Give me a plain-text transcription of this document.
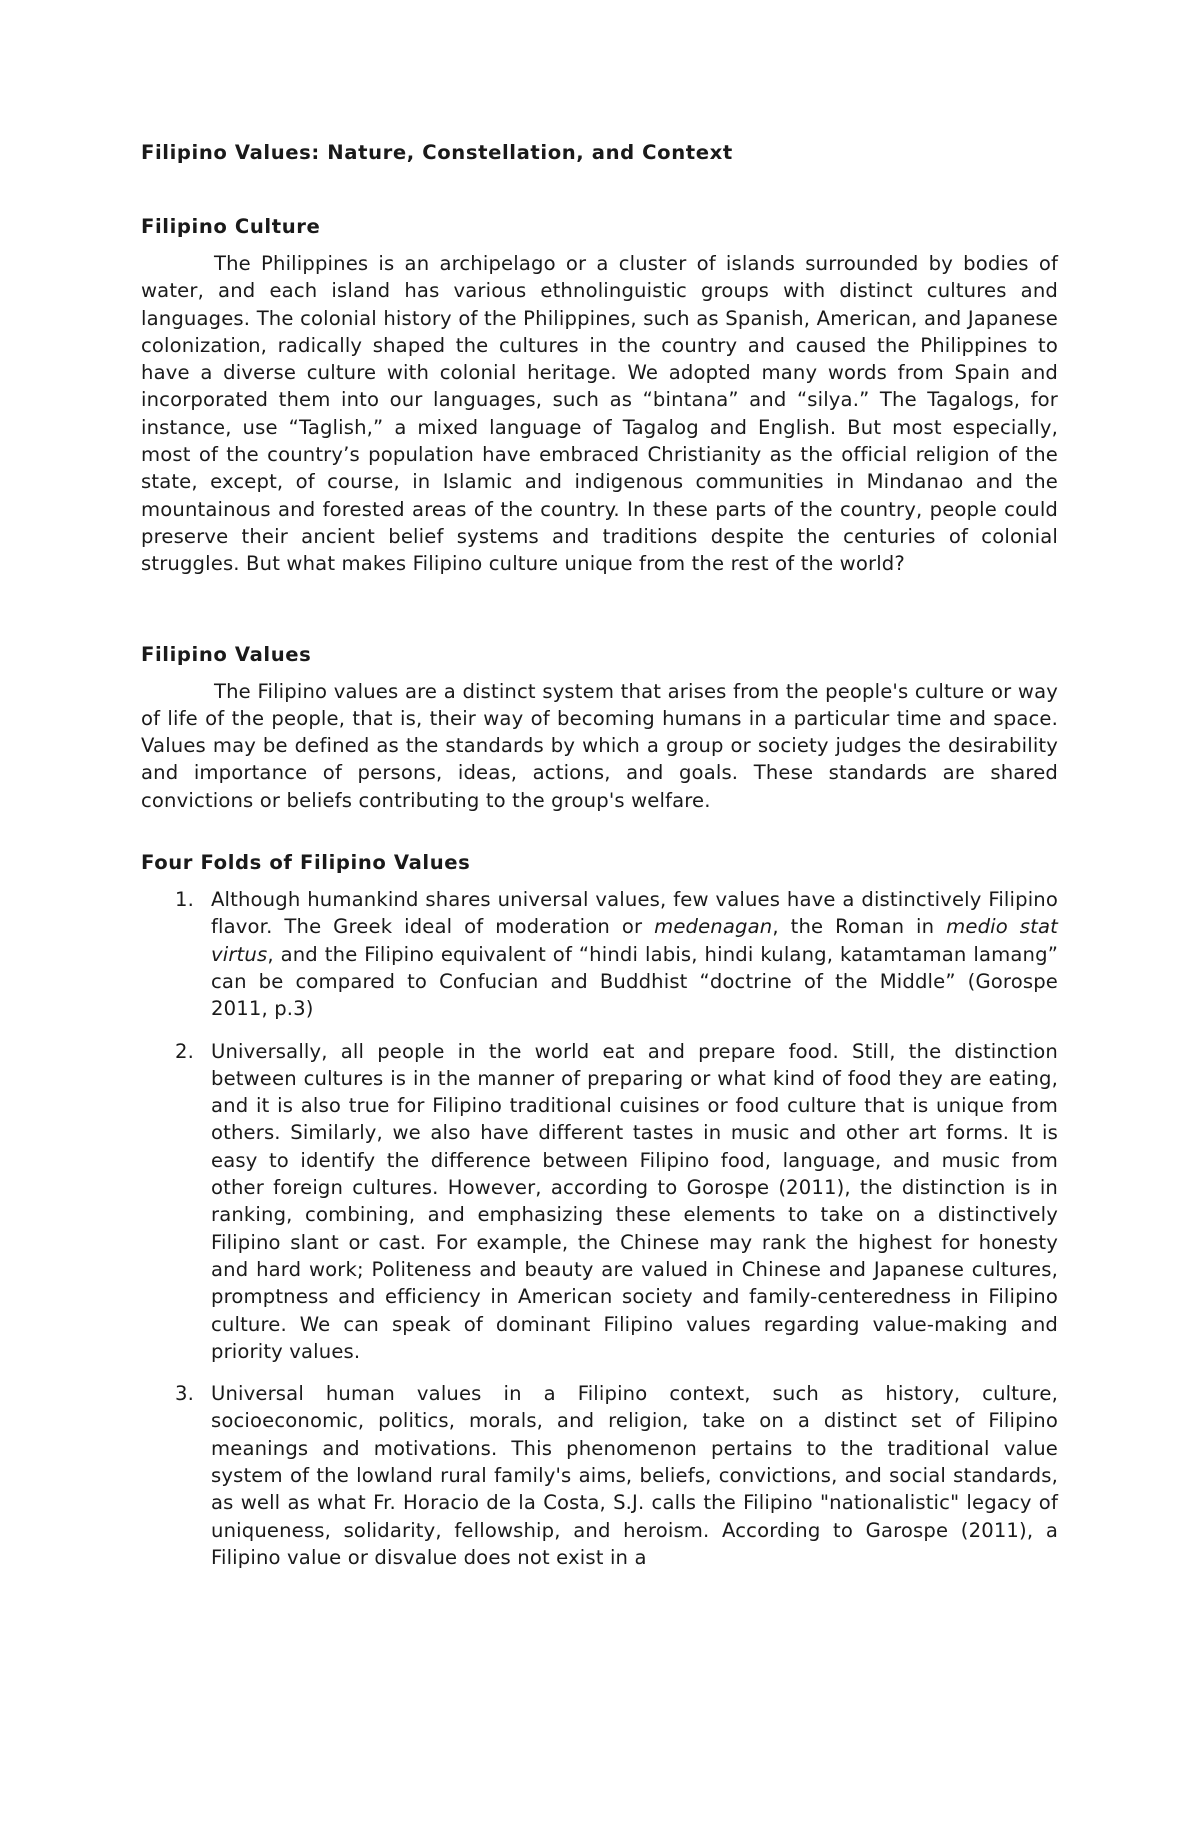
Filipino Values: Nature, Constellation, and Context
Filipino Culture

The Philippines is an archipelago or a cluster of islands surrounded by bodies of water, and each island has various ethnolinguistic groups with distinct cultures and languages. The colonial history of the Philippines, such as Spanish, American, and Japanese colonization, radically shaped the cultures in the country and caused the Philippines to have a diverse culture with colonial heritage. We adopted many words from Spain and incorporated them into our languages, such as “bintana” and “silya.” The Tagalogs, for instance, use “Taglish,” a mixed language of Tagalog and English. But most especially, most of the country’s population have embraced Christianity as the official religion of the state, except, of course, in Islamic and indigenous communities in Mindanao and the mountainous and forested areas of the country. In these parts of the country, people could preserve their ancient belief systems and traditions despite the centuries of colonial struggles. But what makes Filipino culture unique from the rest of the world?

Filipino Values

The Filipino values are a distinct system that arises from the people's culture or way of life of the people, that is, their way of becoming humans in a particular time and space. Values may be defined as the standards by which a group or society judges the desirability and importance of persons, ideas, actions, and goals. These standards are shared convictions or beliefs contributing to the group's welfare.

Four Folds of Filipino Values
1. Although humankind shares universal values, few values have a distinctively Filipino flavor. The Greek ideal of moderation or medenagan, the Roman in medio stat virtus, and the Filipino equivalent of “hindi labis, hindi kulang, katamtaman lamang” can be compared to Confucian and Buddhist “doctrine of the Middle” (Gorospe 2011, p.3)
2. Universally, all people in the world eat and prepare food. Still, the distinction between cultures is in the manner of preparing or what kind of food they are eating, and it is also true for Filipino traditional cuisines or food culture that is unique from others. Similarly, we also have different tastes in music and other art forms. It is easy to identify the difference between Filipino food, language, and music from other foreign cultures. However, according to Gorospe (2011), the distinction is in ranking, combining, and emphasizing these elements to take on a distinctively Filipino slant or cast. For example, the Chinese may rank the highest for honesty and hard work; Politeness and beauty are valued in Chinese and Japanese cultures, promptness and efficiency in American society and family-centeredness in Filipino culture. We can speak of dominant Filipino values regarding value-making and priority values.
3. Universal human values in a Filipino context, such as history, culture, socioeconomic, politics, morals, and religion, take on a distinct set of Filipino meanings and motivations. This phenomenon pertains to the traditional value system of the lowland rural family's aims, beliefs, convictions, and social standards, as well as what Fr. Horacio de la Costa, S.J. calls the Filipino "nationalistic" legacy of uniqueness, solidarity, fellowship, and heroism. According to Garospe (2011), a Filipino value or disvalue does not exist in a
